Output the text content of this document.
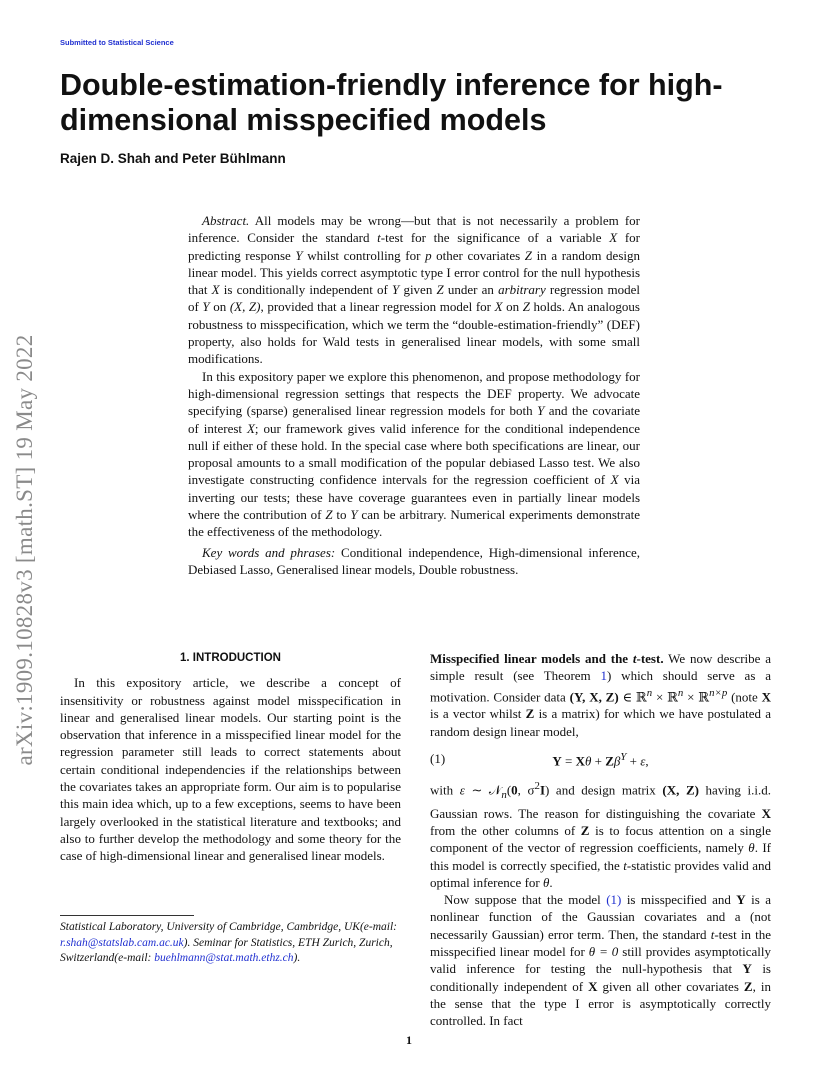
Submitted to Statistical Science
Double-estimation-friendly inference for high-dimensional misspecified models
Rajen D. Shah and Peter Bühlmann
arXiv:1909.10828v3 [math.ST] 19 May 2022

Abstract. All models may be wrong—but that is not necessarily a problem for inference. Consider the standard t-test for the significance of a variable X for predicting response Y whilst controlling for p other covariates Z in a random design linear model. This yields correct asymptotic type I error control for the null hypothesis that X is conditionally independent of Y given Z under an arbitrary regression model of Y on (X, Z), provided that a linear regression model for X on Z holds. An analogous robustness to misspecification, which we term the “double-estimation-friendly” (DEF) property, also holds for Wald tests in generalised linear models, with some small modifications.

In this expository paper we explore this phenomenon, and propose methodology for high-dimensional regression settings that respects the DEF property. We advocate specifying (sparse) generalised linear regression models for both Y and the covariate of interest X; our framework gives valid inference for the conditional independence null if either of these hold. In the special case where both specifications are linear, our proposal amounts to a small modification of the popular debiased Lasso test. We also investigate constructing confidence intervals for the regression coefficient of X via inverting our tests; these have coverage guarantees even in partially linear models where the contribution of Z to Y can be arbitrary. Numerical experiments demonstrate the effectiveness of the methodology.

Key words and phrases: Conditional independence, High-dimensional inference, Debiased Lasso, Generalised linear models, Double robustness.

1. INTRODUCTION

In this expository article, we describe a concept of insensitivity or robustness against model misspecification in linear and generalised linear models. Our starting point is the observation that inference in a misspecified linear model for the regression parameter still leads to correct statements about certain conditional independencies if the relationships between the covariates takes an appropriate form. Our aim is to popularise this main idea which, up to a few exceptions, seems to have been largely overlooked in the statistical literature and textbooks; and also to further develop the methodology and some theory for the case of high-dimensional linear and generalised linear models.

Misspecified linear models and the t-test. We now describe a simple result (see Theorem 1) which should serve as a motivation. Consider data (Y, X, Z) ∈ ℝ$^n$ × ℝ$^n$ × ℝ$^{n\times p}$ (note X is a vector whilst Z is a matrix) for which we have postulated a random design linear model,

(1)	$Y = X\theta + Z\beta^Y + \varepsilon$,

with ε ∼ 𝒩$_n$(0, $\sigma^2I$) and design matrix (X, Z) having i.i.d. Gaussian rows. The reason for distinguishing the covariate X from the other columns of Z is to focus attention on a single component of the vector of regression coefficients, namely θ. If this model is correctly specified, the t-statistic provides valid and optimal inference for θ.

Now suppose that the model (1) is misspecified and Y is a nonlinear function of the Gaussian covariates and a (not necessarily Gaussian) error term. Then, the standard t-test in the misspecified linear model for θ = 0 still provides asymptotically valid inference for testing the null-hypothesis that Y is conditionally independent of X given all other covariates Z, in the sense that the type I error is asymptotically correctly controlled. In fact

Statistical Laboratory, University of Cambridge, Cambridge, UK(e-mail: r.shah@statslab.cam.ac.uk). Seminar for Statistics, ETH Zurich, Zurich, Switzerland(e-mail: buehlmann@stat.math.ethz.ch).
1
